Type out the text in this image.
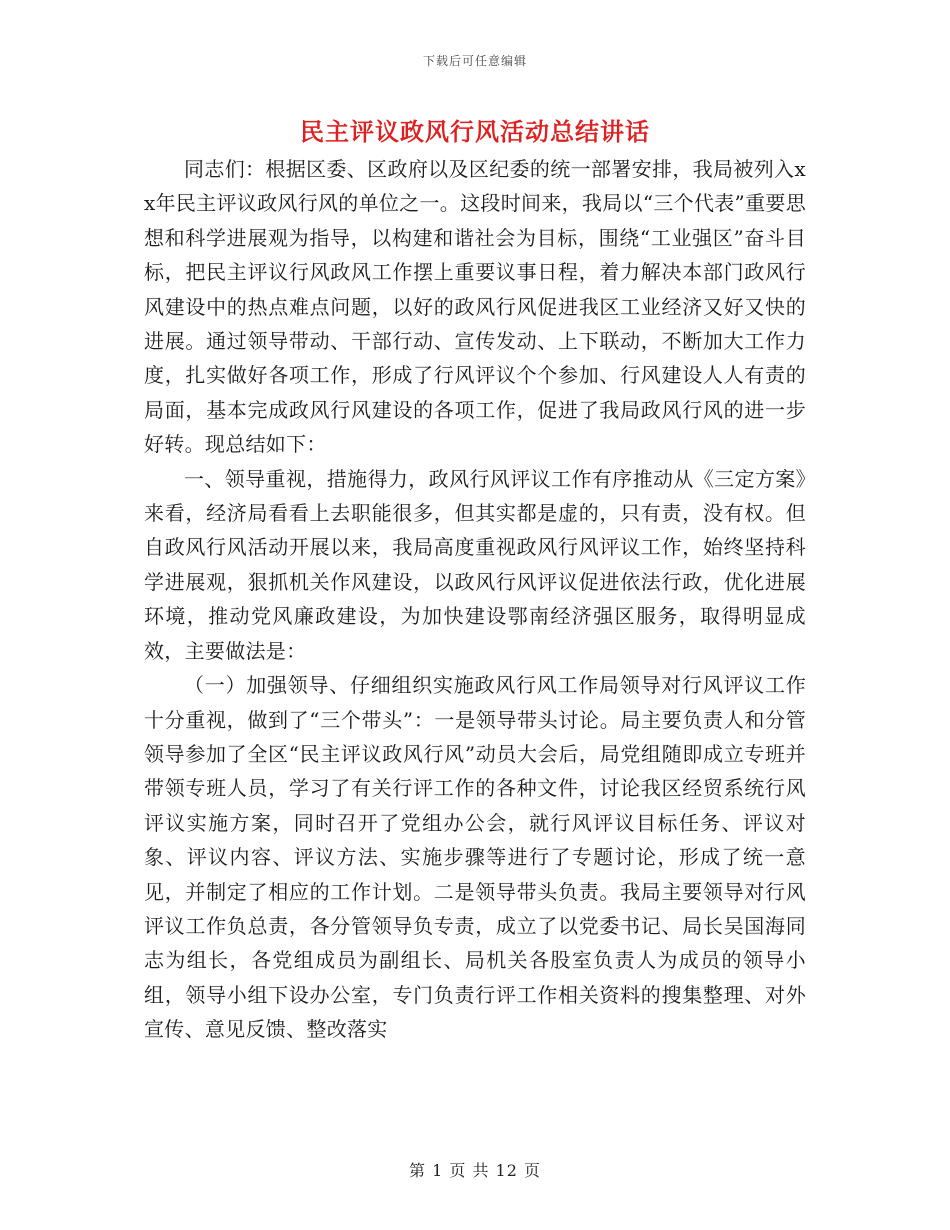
下载后可任意编辑
民主评议政风行风活动总结讲话

同志们：根据区委、区政府以及区纪委的统一部署安排，我局被列入xx年民主评议政风行风的单位之一。这段时间来，我局以“三个代表”重要思想和科学进展观为指导，以构建和谐社会为目标，围绕“工业强区”奋斗目标，把民主评议行风政风工作摆上重要议事日程，着力解决本部门政风行风建设中的热点难点问题，以好的政风行风促进我区工业经济又好又快的进展。通过领导带动、干部行动、宣传发动、上下联动，不断加大工作力度，扎实做好各项工作，形成了行风评议个个参加、行风建设人人有责的局面，基本完成政风行风建设的各项工作，促进了我局政风行风的进一步好转。现总结如下：

一、领导重视，措施得力，政风行风评议工作有序推动从《三定方案》来看，经济局看看上去职能很多，但其实都是虚的，只有责，没有权。但自政风行风活动开展以来，我局高度重视政风行风评议工作，始终坚持科学进展观，狠抓机关作风建设，以政风行风评议促进依法行政，优化进展环境，推动党风廉政建设，为加快建设鄂南经济强区服务，取得明显成效，主要做法是：

（一）加强领导、仔细组织实施政风行风工作局领导对行风评议工作十分重视，做到了“三个带头”：一是领导带头讨论。局主要负责人和分管领导参加了全区“民主评议政风行风”动员大会后，局党组随即成立专班并带领专班人员，学习了有关行评工作的各种文件，讨论我区经贸系统行风评议实施方案，同时召开了党组办公会，就行风评议目标任务、评议对象、评议内容、评议方法、实施步骤等进行了专题讨论，形成了统一意见，并制定了相应的工作计划。二是领导带头负责。我局主要领导对行风评议工作负总责，各分管领导负专责，成立了以党委书记、局长吴国海同志为组长，各党组成员为副组长、局机关各股室负责人为成员的领导小组，领导小组下设办公室，专门负责行评工作相关资料的搜集整理、对外宣传、意见反馈、整改落实

第 1 页 共 12 页
